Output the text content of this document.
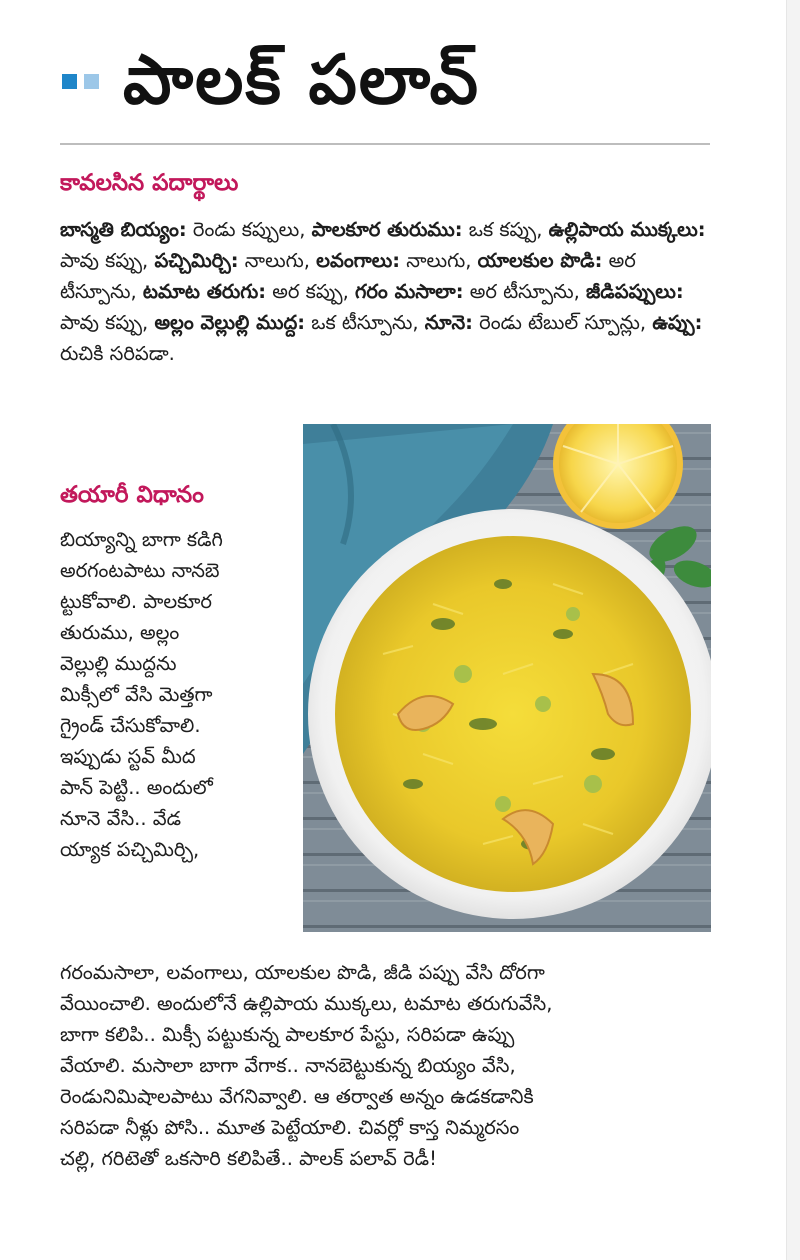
పాలక్ పలావ్
కావలసిన పదార్థాలు
బాస్మతి బియ్యం: రెండు కప్పులు, పాలకూర తురుము: ఒక కప్పు, ఉల్లిపాయ ముక్కలు: పావు కప్పు, పచ్చిమిర్చి: నాలుగు, లవంగాలు: నాలుగు, యాలకుల పొడి: అర టీస్పూను, టమాట తరుగు: అర కప్పు, గరం మసాలా: అర టీస్పూను, జీడిపప్పులు: పావు కప్పు, అల్లం వెల్లుల్లి ముద్ద: ఒక టీస్పూను, నూనె: రెండు టేబుల్ స్పూన్లు, ఉప్పు: రుచికి సరిపడా.
తయారీ విధానం
బియ్యాన్ని బాగా కడిగి
అరగంటపాటు నానబె
ట్టుకోవాలి. పాలకూర
తురుము, అల్లం
వెల్లుల్లి ముద్దను
మిక్సీలో వేసి మెత్తగా
గ్రైండ్ చేసుకోవాలి.
ఇప్పుడు స్టవ్ మీద
పాన్ పెట్టి.. అందులో
నూనె వేసి.. వేడ
య్యాక పచ్చిమిర్చి,
గరంమసాలా, లవంగాలు, యాలకుల పొడి, జీడి పప్పు వేసి దోరగా
వేయించాలి. అందులోనే ఉల్లిపాయ ముక్కలు, టమాట తరుగువేసి,
బాగా కలిపి.. మిక్సీ పట్టుకున్న పాలకూర పేస్టు, సరిపడా ఉప్పు
వేయాలి. మసాలా బాగా వేగాక.. నానబెట్టుకున్న బియ్యం వేసి,
రెండునిమిషాలపాటు వేగనివ్వాలి. ఆ తర్వాత అన్నం ఉడకడానికి
సరిపడా నీళ్లు పోసి.. మూత పెట్టేయాలి. చివర్లో కాస్త నిమ్మరసం
చల్లి, గరిటెతో ఒకసారి కలిపితే.. పాలక్ పలావ్ రెడీ!
